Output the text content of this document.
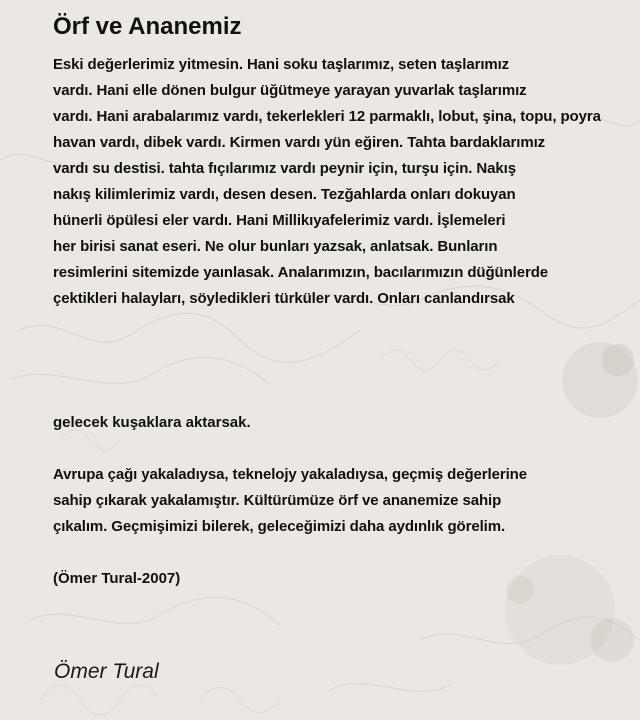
Örf ve Ananemiz
Eski değerlerimiz yitmesin. Hani soku taşlarımız, seten taşlarımız
vardı. Hani elle dönen bulgur üğütmeye yarayan yuvarlak taşlarımız
vardı. Hani arabalarımız vardı, tekerlekleri 12 parmaklı, lobut, şina, topu, poyra
havan vardı, dibek vardı. Kirmen vardı yün eğiren. Tahta bardaklarımız
vardı su destisi. tahta fıçılarımız vardı peynir için, turşu için. Nakış
nakış kilimlerimiz vardı, desen desen. Tezğahlarda onları dokuyan
hünerli öpülesi eler vardı. Hani Millikıyafelerimiz vardı. İşlemeleri
her birisi sanat eseri. Ne olur bunları yazsak, anlatsak. Bunların
resimlerini sitemizde yaınlasak. Analarımızın, bacılarımızın düğünlerde
çektikleri halayları, söyledikleri türküler vardı. Onları canlandırsak
gelecek kuşaklara aktarsak.
Avrupa çağı yakaladıysa, teknelojy yakaladıysa, geçmiş değerlerine
sahip çıkarak yakalamıştır. Kültürümüze örf ve ananemize sahip
çıkalım. Geçmişimizi bilerek, geleceğimizi daha aydınlık görelim.
(Ömer Tural-2007)
Ömer Tural
